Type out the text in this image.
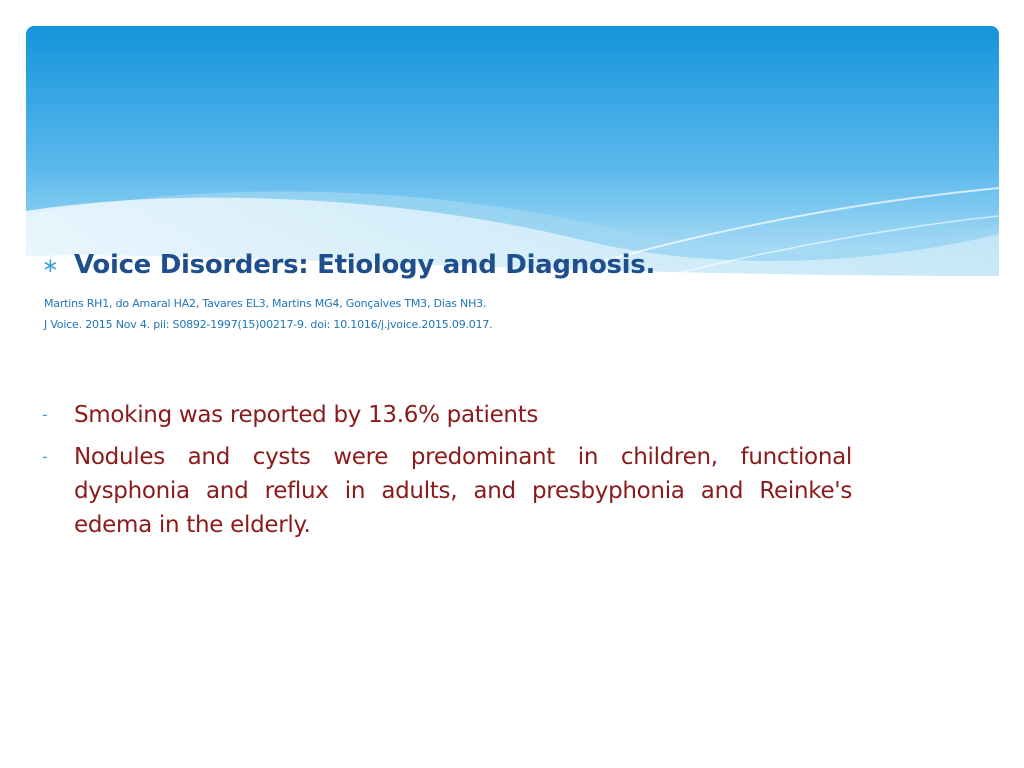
∗ Voice Disorders: Etiology and Diagnosis.
Martins RH1, do Amaral HA2, Tavares EL3, Martins MG4, Gonçalves TM3, Dias NH3.
J Voice. 2015 Nov 4. pii: S0892-1997(15)00217-9. doi: 10.1016/j.jvoice.2015.09.017.
-	Smoking was reported by 13.6% patients
-	Nodules and cysts were predominant in children, functional dysphonia and reflux in adults, and presbyphonia and Reinke's edema in the elderly.
